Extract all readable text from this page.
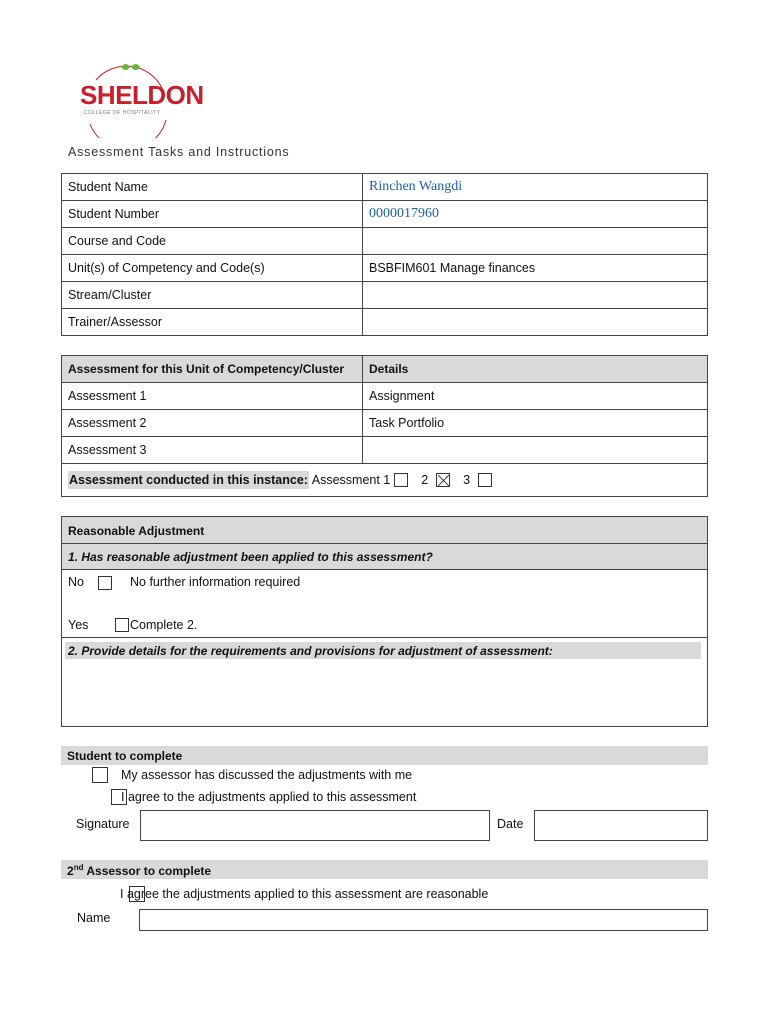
SHELDON
COLLEGE OF HOSPITALITY
Assessment Tasks and Instructions
Student Name	Rinchen Wangdi
Student Number	0000017960
Course and Code	
Unit(s) of Competency and Code(s)	BSBFIM601 Manage finances
Stream/Cluster	
Trainer/Assessor	
Assessment for this Unit of Competency/Cluster	Details
Assessment 1	Assignment
Assessment 2	Task Portfolio
Assessment 3	
Assessment conducted in this instance: Assessment 1 2 3	
Reasonable Adjustment
1. Has reasonable adjustment been applied to this assessment?
No
	No further information required
Yes	Complete 2.
2. Provide details for the requirements and provisions for adjustment of assessment:
Student to complete

My assessor has discussed the adjustments with me

I agree to the adjustments applied to this assessment
Signature	Date
2nd Assessor to complete
I agree the adjustments applied to this assessment are reasonable
Name
